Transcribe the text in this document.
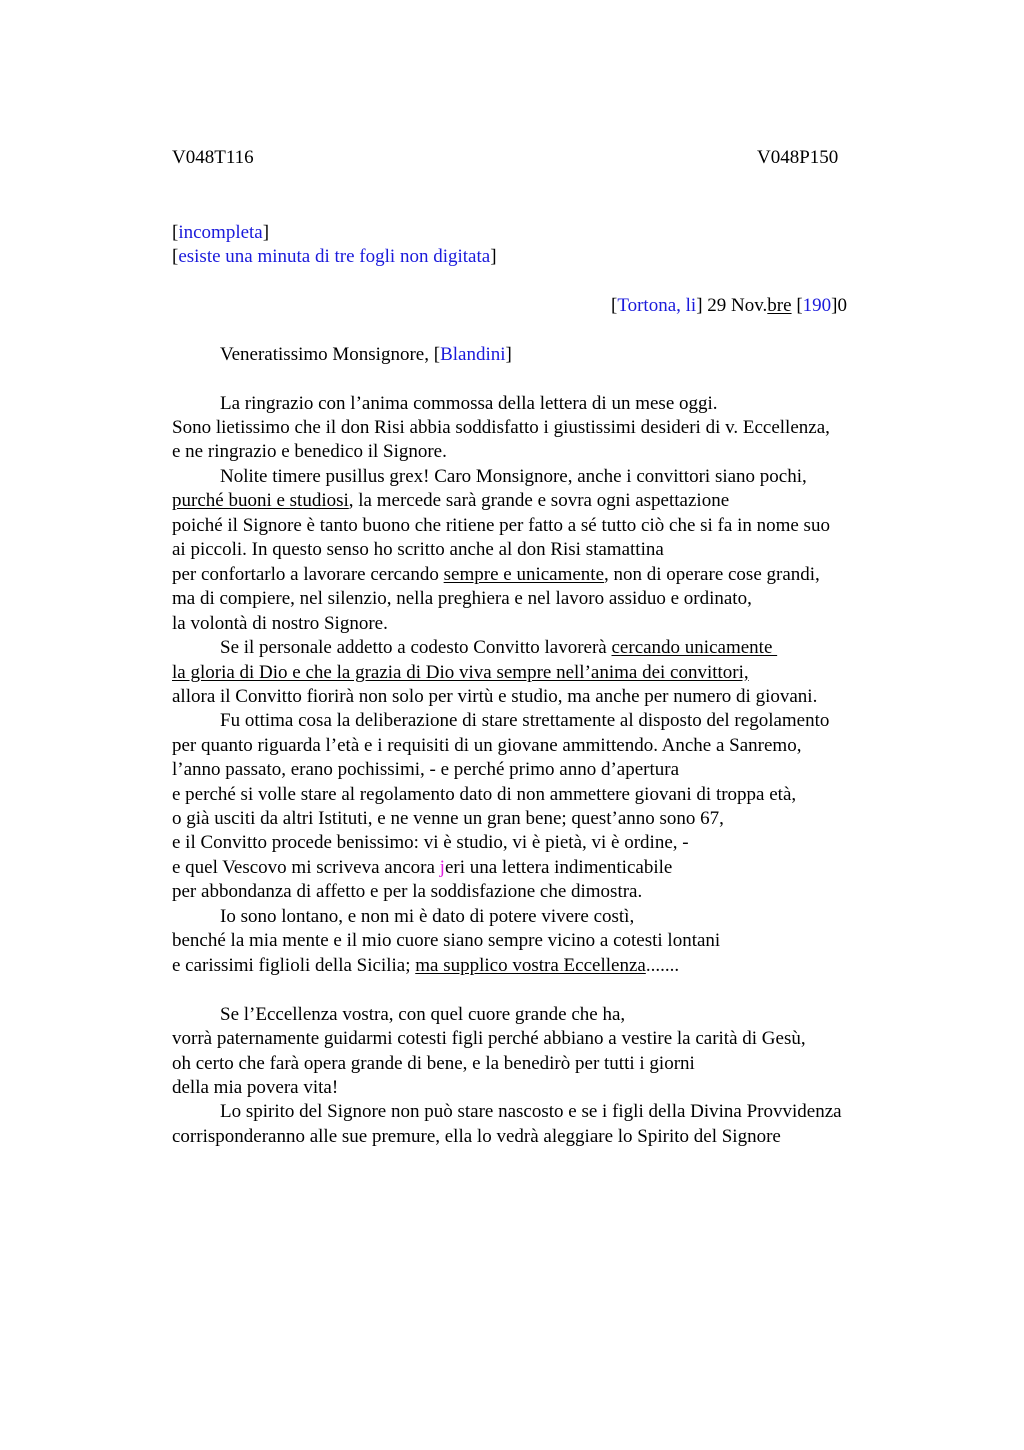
V048T116	V048P150
[incompleta]
[esiste una minuta di tre fogli non digitata]
[Tortona, li] 29 Nov.bre [190]0
Veneratissimo Monsignore, [Blandini]
La ringrazio con l’anima commossa della lettera di un mese oggi.
Sono lietissimo che il don Risi abbia soddisfatto i giustissimi desideri di v. Eccellenza,
e ne ringrazio e benedico il Signore.
Nolite timere pusillus grex! Caro Monsignore, anche i convittori siano pochi,
purché buoni e studiosi, la mercede sarà grande e sovra ogni aspettazione
poiché il Signore è tanto buono che ritiene per fatto a sé tutto ciò che si fa in nome suo
ai piccoli. In questo senso ho scritto anche al don Risi stamattina
per confortarlo a lavorare cercando sempre e unicamente, non di operare cose grandi,
ma di compiere, nel silenzio, nella preghiera e nel lavoro assiduo e ordinato,
la volontà di nostro Signore.
Se il personale addetto a codesto Convitto lavorerà cercando unicamente
la gloria di Dio e che la grazia di Dio viva sempre nell’anima dei convittori,
allora il Convitto fiorirà non solo per virtù e studio, ma anche per numero di giovani.
Fu ottima cosa la deliberazione di stare strettamente al disposto del regolamento
per quanto riguarda l’età e i requisiti di un giovane ammittendo. Anche a Sanremo,
l’anno passato, erano pochissimi, - e perché primo anno d’apertura
e perché si volle stare al regolamento dato di non ammettere giovani di troppa età,
o già usciti da altri Istituti, e ne venne un gran bene; quest’anno sono 67,
e il Convitto procede benissimo: vi è studio, vi è pietà, vi è ordine, -
e quel Vescovo mi scriveva ancora jeri una lettera indimenticabile
per abbondanza di affetto e per la soddisfazione che dimostra.
Io sono lontano, e non mi è dato di potere vivere costì,
benché la mia mente e il mio cuore siano sempre vicino a cotesti lontani
e carissimi figlioli della Sicilia; ma supplico vostra Eccellenza.......
Se l’Eccellenza vostra, con quel cuore grande che ha,
vorrà paternamente guidarmi cotesti figli perché abbiano a vestire la carità di Gesù,
oh certo che farà opera grande di bene, e la benedirò per tutti i giorni
della mia povera vita!
Lo spirito del Signore non può stare nascosto e se i figli della Divina Provvidenza
corrisponderanno alle sue premure, ella lo vedrà aleggiare lo Spirito del Signore
